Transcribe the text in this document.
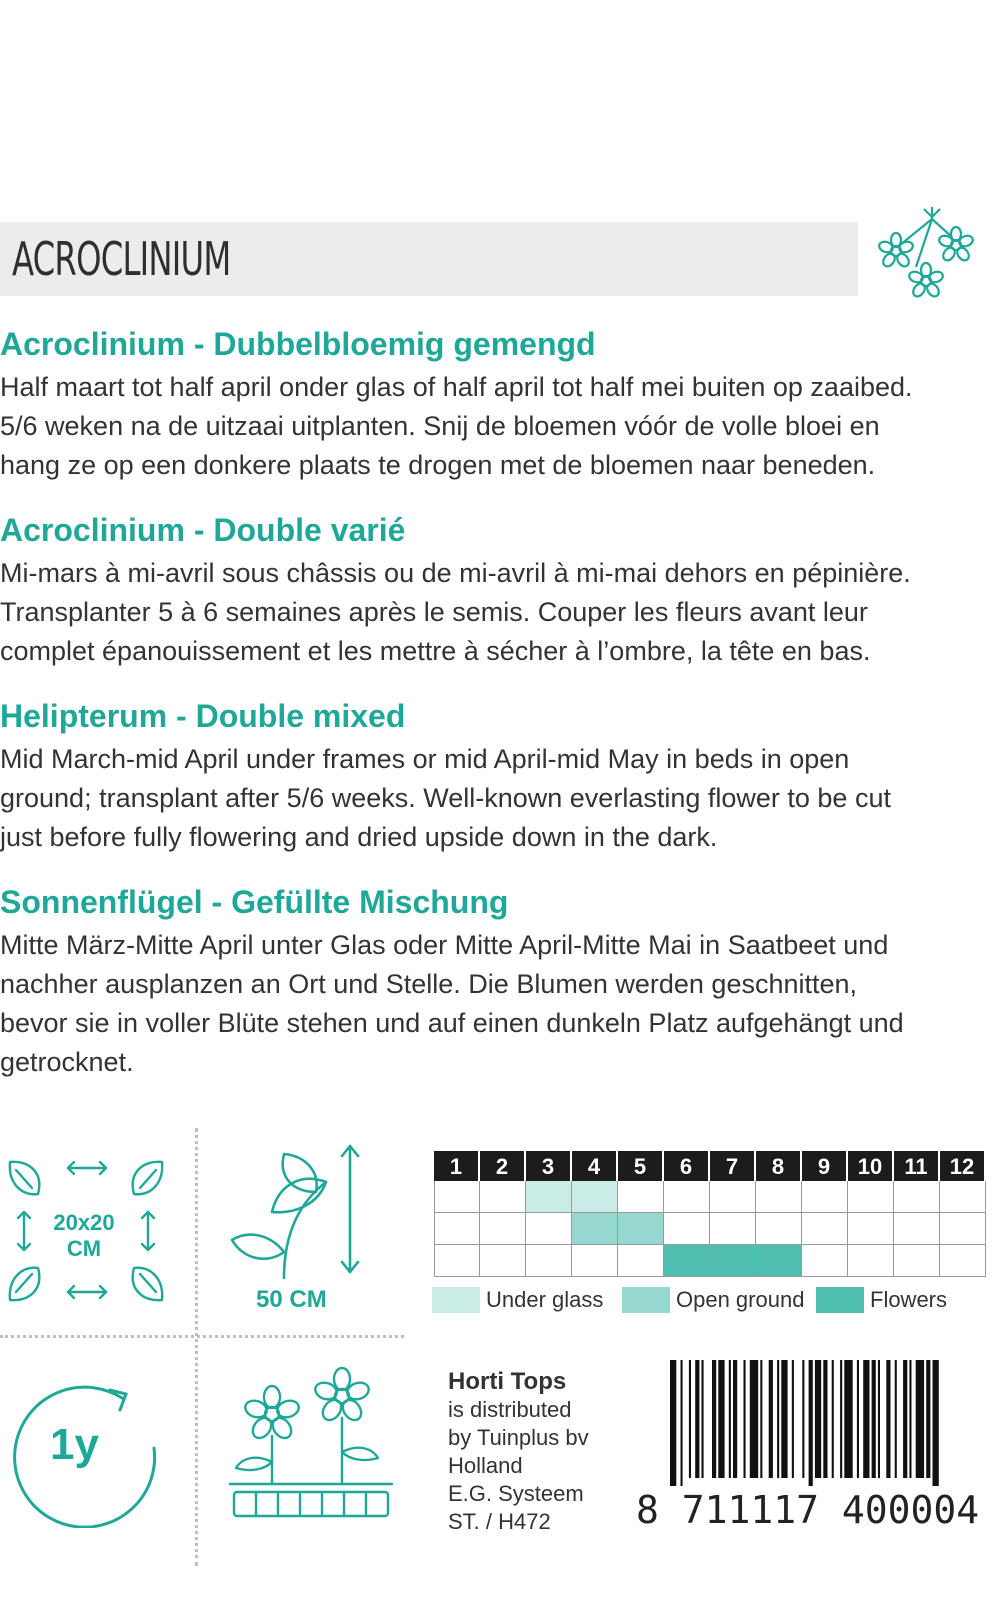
ACROCLINIUM
Acroclinium - Dubbelbloemig gemengd

Half maart tot half april onder glas of half april tot half mei buiten op zaaibed.

5/6 weken na de uitzaai uitplanten. Snij de bloemen vóór de volle bloei en

hang ze op een donkere plaats te drogen met de bloemen naar beneden.

Acroclinium - Double varié

Mi-mars à mi-avril sous châssis ou de mi-avril à mi-mai dehors en pépinière.

Transplanter 5 à 6 semaines après le semis. Couper les fleurs avant leur

complet épanouissement et les mettre à sécher à l’ombre, la tête en bas.

Helipterum - Double mixed

Mid March-mid April under frames or mid April-mid May in beds in open

ground; transplant after 5/6 weeks. Well-known everlasting flower to be cut

just before fully flowering and dried upside down in the dark.

Sonnenflügel - Gefüllte Mischung

Mitte März-Mitte April unter Glas oder Mitte April-Mitte Mai in Saatbeet und

nachher ausplanzen an Ort und Stelle. Die Blumen werden geschnitten,

bevor sie in voller Blüte stehen und auf einen dunkeln Platz aufgehängt und

getrocknet.

20x20
CM
50 CM
1y
1	2	3	4	5	6	7	8	9	10	11	12
Under glass	Open ground	Flowers
Horti Tops
is distributed
by Tuinplus bv
Holland
E.G. Systeem
ST. / H472	8 711117 400004
